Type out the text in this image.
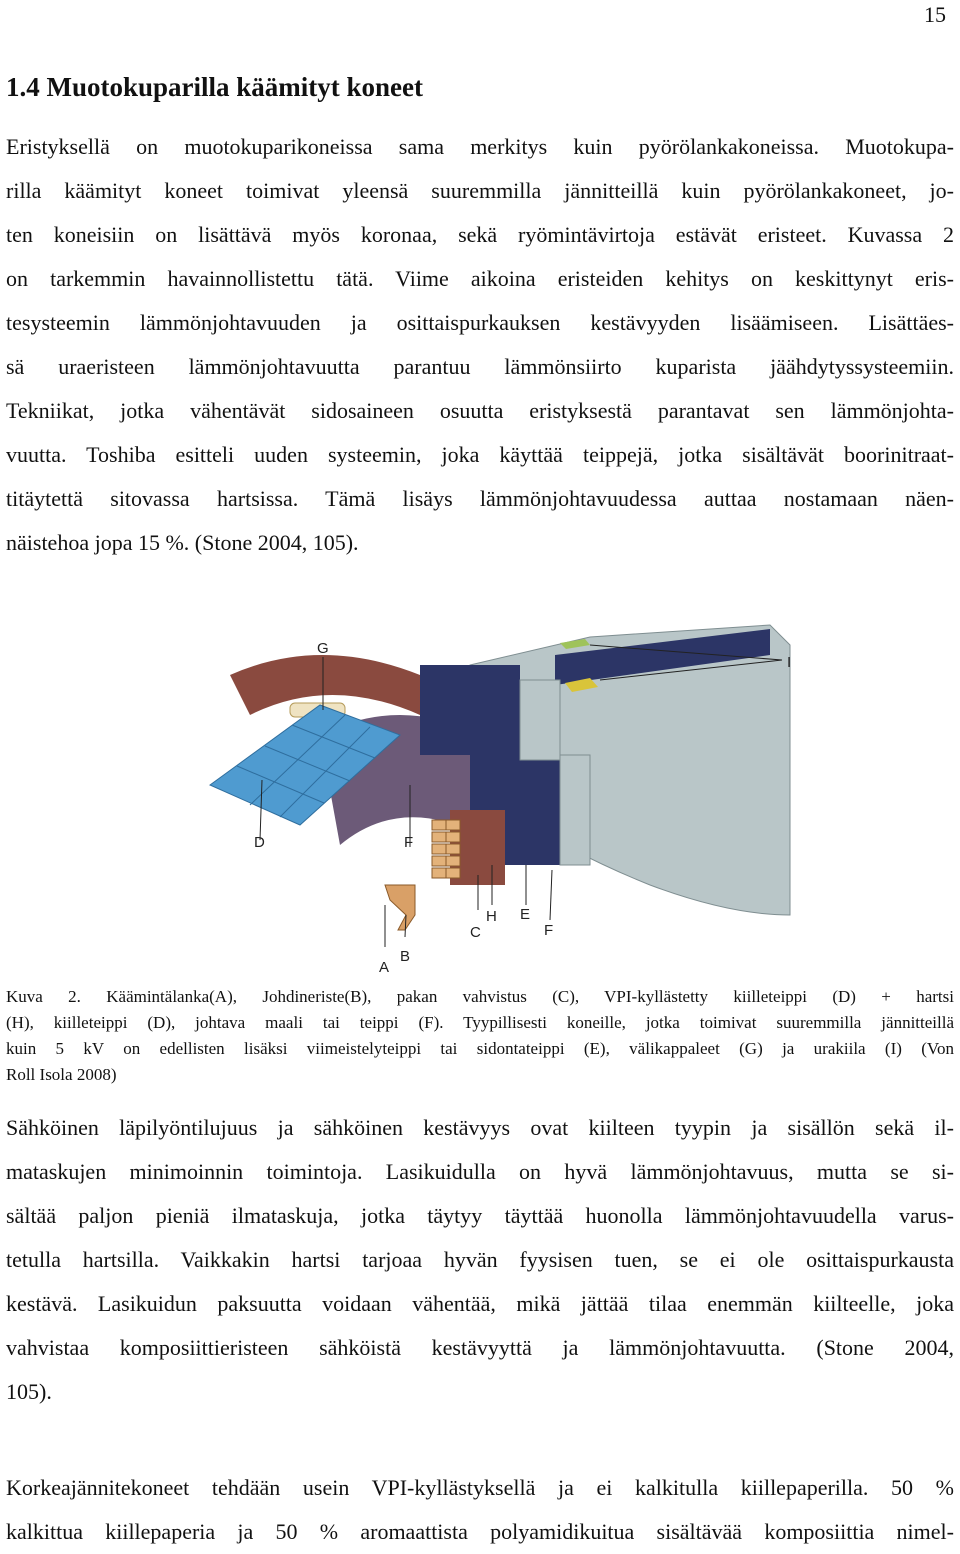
15
1.4 Muotokuparilla käämityt koneet
Eristyksellä on muotokuparikoneissa sama merkitys kuin pyörölankakoneissa. Muotokupa-
rilla käämityt koneet toimivat yleensä suuremmilla jännitteillä kuin pyörölankakoneet, jo-
ten koneisiin on lisättävä myös koronaa, sekä ryömintävirtoja estävät eristeet. Kuvassa 2
on tarkemmin havainnollistettu tätä. Viime aikoina eristeiden kehitys on keskittynyt eris-
tesysteemin lämmönjohtavuuden ja osittaispurkauksen kestävyyden lisäämiseen. Lisättäes-
sä uraeristeen lämmönjohtavuutta parantuu lämmönsiirto kuparista jäähdytyssysteemiin.
Tekniikat, jotka vähentävät sidosaineen osuutta eristyksestä parantavat sen lämmönjohta-
vuutta. Toshiba esitteli uuden systeemin, joka käyttää teippejä, jotka sisältävät boorinitraat-
titäytettä sitovassa hartsissa. Tämä lisäys lämmönjohtavuudessa auttaa nostamaan näen-
näistehoa jopa 15 %. (Stone 2004, 105).
G
I
D	F
H E
C	F
B
A
Kuva 2. Käämintälanka(A), Johdineriste(B), pakan vahvistus (C), VPI-kyllästetty kiilleteippi (D) + hartsi
(H), kiilleteippi (D), johtava maali tai teippi (F). Tyypillisesti koneille, jotka toimivat suuremmilla jännitteillä
kuin 5 kV on edellisten lisäksi viimeistelyteippi tai sidontateippi (E), välikappaleet (G) ja urakiila (I) (Von
Roll Isola 2008)
Sähköinen läpilyöntilujuus ja sähköinen kestävyys ovat kiilteen tyypin ja sisällön sekä il-
mataskujen minimoinnin toimintoja. Lasikuidulla on hyvä lämmönjohtavuus, mutta se si-
sältää paljon pieniä ilmataskuja, jotka täytyy täyttää huonolla lämmönjohtavuudella varus-
tetulla hartsilla. Vaikkakin hartsi tarjoaa hyvän fyysisen tuen, se ei ole osittaispurkausta
kestävä. Lasikuidun paksuutta voidaan vähentää, mikä jättää tilaa enemmän kiilteelle, joka
vahvistaa komposiittieristeen sähköistä kestävyyttä ja lämmönjohtavuutta. (Stone 2004,
105).
Korkeajännitekoneet tehdään usein VPI-kyllästyksellä ja ei kalkitulla kiillepaperilla. 50 %
kalkittua kiillepaperia ja 50 % aromaattista polyamidikuitua sisältävää komposiittia nimel-
